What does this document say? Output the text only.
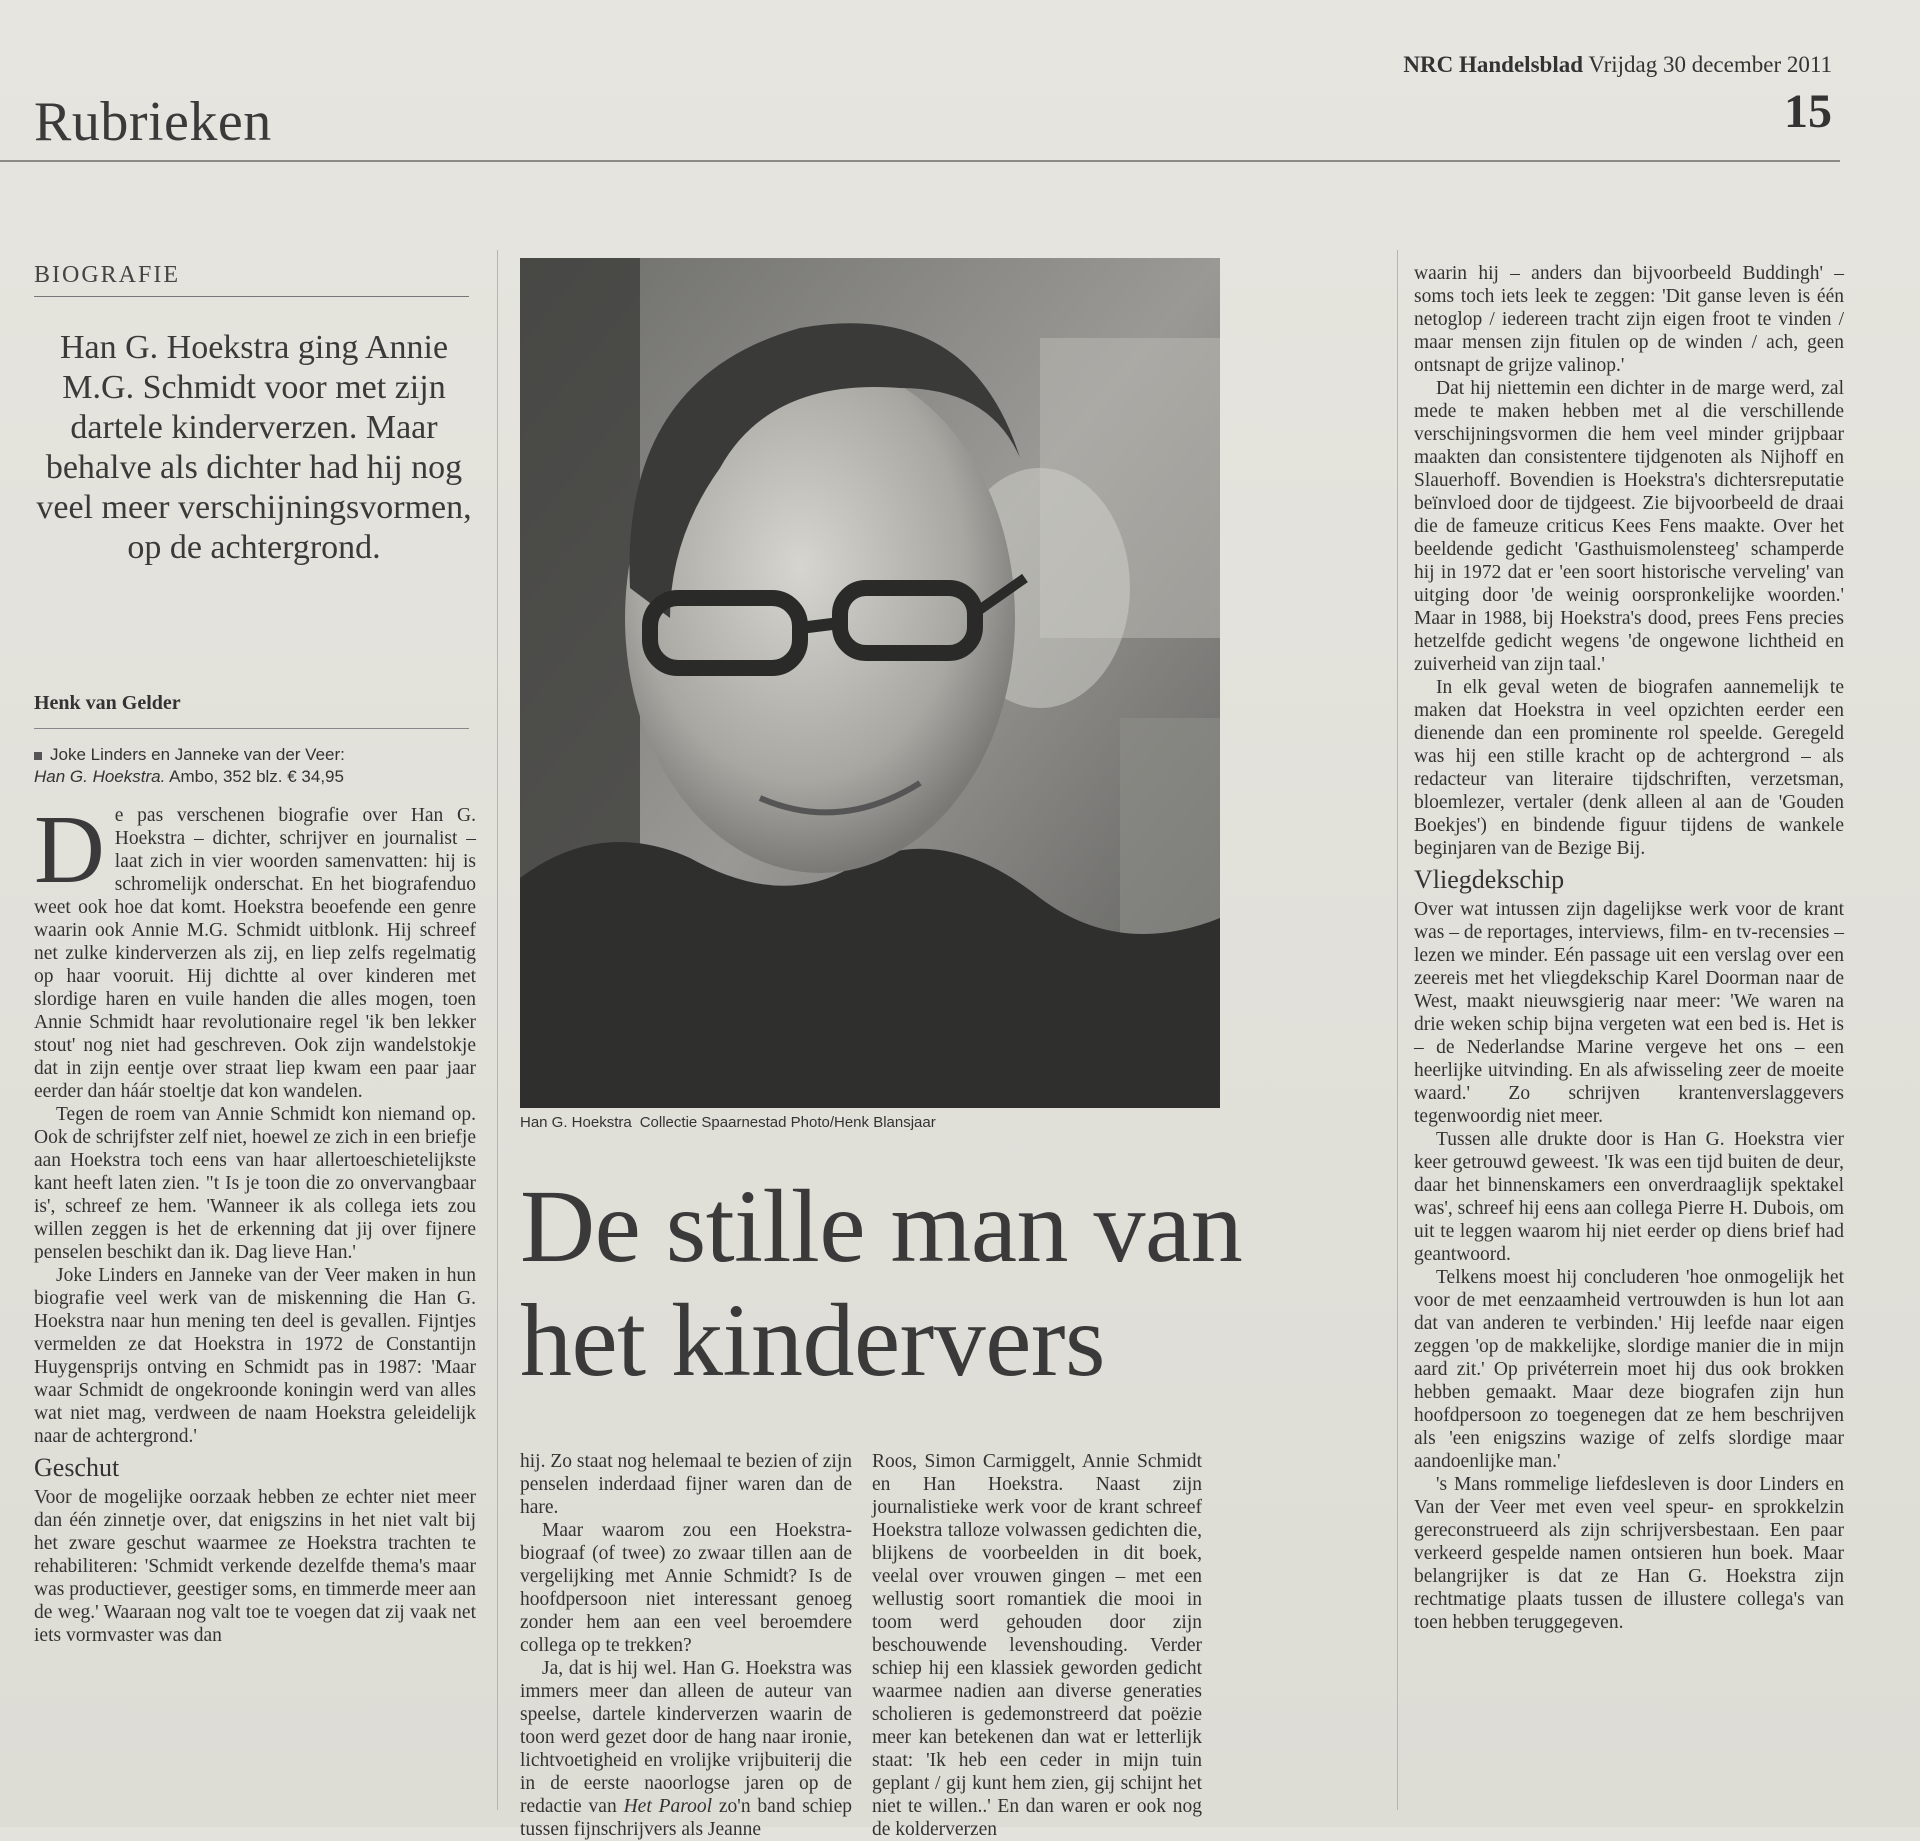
NRC Handelsblad Vrijdag 30 december 2011
Rubrieken	15
BIOGRAFIE
Han G. Hoekstra ging Annie M.G. Schmidt voor met zijn dartele kinderverzen. Maar behalve als dichter had hij nog veel meer verschijningsvormen, op de achtergrond.
Henk van Gelder
Joke Linders en Janneke van der Veer:
Han G. Hoekstra. Ambo, 352 blz. € 34,95

De pas verschenen biografie over Han G. Hoekstra – dichter, schrijver en journalist – laat zich in vier woorden samenvatten: hij is schromelijk onderschat. En het biografenduo weet ook hoe dat komt. Hoekstra beoefende een genre waarin ook Annie M.G. Schmidt uitblonk. Hij schreef net zulke kinderverzen als zij, en liep zelfs regelmatig op haar vooruit. Hij dichtte al over kinderen met slordige haren en vuile handen die alles mogen, toen Annie Schmidt haar revolutionaire regel 'ik ben lekker stout' nog niet had geschreven. Ook zijn wandelstokje dat in zijn eentje over straat liep kwam een paar jaar eerder dan háár stoeltje dat kon wandelen.

Tegen de roem van Annie Schmidt kon niemand op. Ook de schrijfster zelf niet, hoewel ze zich in een briefje aan Hoekstra toch eens van haar allertoeschietelijkste kant heeft laten zien. "t Is je toon die zo onvervangbaar is', schreef ze hem. 'Wanneer ik als collega iets zou willen zeggen is het de erkenning dat jij over fijnere penselen beschikt dan ik. Dag lieve Han.'

Joke Linders en Janneke van der Veer maken in hun biografie veel werk van de miskenning die Han G. Hoekstra naar hun mening ten deel is gevallen. Fijntjes vermelden ze dat Hoekstra in 1972 de Constantijn Huygensprijs ontving en Schmidt pas in 1987: 'Maar waar Schmidt de ongekroonde koningin werd van alles wat niet mag, verdween de naam Hoekstra geleidelijk naar de achtergrond.'

Geschut

Voor de mogelijke oorzaak hebben ze echter niet meer dan één zinnetje over, dat enigszins in het niet valt bij het zware geschut waarmee ze Hoekstra trachten te rehabiliteren: 'Schmidt verkende dezelfde thema's maar was productiever, geestiger soms, en timmerde meer aan de weg.' Waaraan nog valt toe te voegen dat zij vaak net iets vormvaster was dan

Han G. Hoekstra Collectie Spaarnestad Photo/Henk Blansjaar
De stille man van
het kindervers

hij. Zo staat nog helemaal te bezien of zijn penselen inderdaad fijner waren dan de hare.

Maar waarom zou een Hoekstra-biograaf (of twee) zo zwaar tillen aan de vergelijking met Annie Schmidt? Is de hoofdpersoon niet interessant genoeg zonder hem aan een veel beroemdere collega op te trekken?

Ja, dat is hij wel. Han G. Hoekstra was immers meer dan alleen de auteur van speelse, dartele kinderverzen waarin de toon werd gezet door de hang naar ironie, lichtvoetigheid en vrolijke vrijbuiterij die in de eerste naoorlogse jaren op de redactie van Het Parool zo'n band schiep tussen fijnschrijvers als Jeanne

Roos, Simon Carmiggelt, Annie Schmidt en Han Hoekstra. Naast zijn journalistieke werk voor de krant schreef Hoekstra talloze volwassen gedichten die, blijkens de voorbeelden in dit boek, veelal over vrouwen gingen – met een wellustig soort romantiek die mooi in toom werd gehouden door zijn beschouwende levenshouding. Verder schiep hij een klassiek geworden gedicht waarmee nadien aan diverse generaties scholieren is gedemonstreerd dat poëzie meer kan betekenen dan wat er letterlijk staat: 'Ik heb een ceder in mijn tuin geplant / gij kunt hem zien, gij schijnt het niet te willen..' En dan waren er ook nog de kolderverzen

waarin hij – anders dan bijvoorbeeld Buddingh' – soms toch iets leek te zeggen: 'Dit ganse leven is één netoglop / iedereen tracht zijn eigen froot te vinden / maar mensen zijn fitulen op de winden / ach, geen ontsnapt de grijze valinop.'

Dat hij niettemin een dichter in de marge werd, zal mede te maken hebben met al die verschillende verschijningsvormen die hem veel minder grijpbaar maakten dan consistentere tijdgenoten als Nijhoff en Slauerhoff. Bovendien is Hoekstra's dichtersreputatie beïnvloed door de tijdgeest. Zie bijvoorbeeld de draai die de fameuze criticus Kees Fens maakte. Over het beeldende gedicht 'Gasthuismolensteeg' schamperde hij in 1972 dat er 'een soort historische verveling' van uitging door 'de weinig oorspronkelijke woorden.' Maar in 1988, bij Hoekstra's dood, prees Fens precies hetzelfde gedicht wegens 'de ongewone lichtheid en zuiverheid van zijn taal.'

In elk geval weten de biografen aannemelijk te maken dat Hoekstra in veel opzichten eerder een dienende dan een prominente rol speelde. Geregeld was hij een stille kracht op de achtergrond – als redacteur van literaire tijdschriften, verzetsman, bloemlezer, vertaler (denk alleen al aan de 'Gouden Boekjes') en bindende figuur tijdens de wankele beginjaren van de Bezige Bij.

Vliegdekschip

Over wat intussen zijn dagelijkse werk voor de krant was – de reportages, interviews, film- en tv-recensies – lezen we minder. Eén passage uit een verslag over een zeereis met het vliegdekschip Karel Doorman naar de West, maakt nieuwsgierig naar meer: 'We waren na drie weken schip bijna vergeten wat een bed is. Het is – de Nederlandse Marine vergeve het ons – een heerlijke uitvinding. En als afwisseling zeer de moeite waard.' Zo schrijven krantenverslaggevers tegenwoordig niet meer.

Tussen alle drukte door is Han G. Hoekstra vier keer getrouwd geweest. 'Ik was een tijd buiten de deur, daar het binnenskamers een onverdraaglijk spektakel was', schreef hij eens aan collega Pierre H. Dubois, om uit te leggen waarom hij niet eerder op diens brief had geantwoord.

Telkens moest hij concluderen 'hoe onmogelijk het voor de met eenzaamheid vertrouwden is hun lot aan dat van anderen te verbinden.' Hij leefde naar eigen zeggen 'op de makkelijke, slordige manier die in mijn aard zit.' Op privéterrein moet hij dus ook brokken hebben gemaakt. Maar deze biografen zijn hun hoofdpersoon zo toegenegen dat ze hem beschrijven als 'een enigszins wazige of zelfs slordige maar aandoenlijke man.'

's Mans rommelige liefdesleven is door Linders en Van der Veer met even veel speur- en sprokkelzin gereconstrueerd als zijn schrijversbestaan. Een paar verkeerd gespelde namen ontsieren hun boek. Maar belangrijker is dat ze Han G. Hoekstra zijn rechtmatige plaats tussen de illustere collega's van toen hebben teruggegeven.
